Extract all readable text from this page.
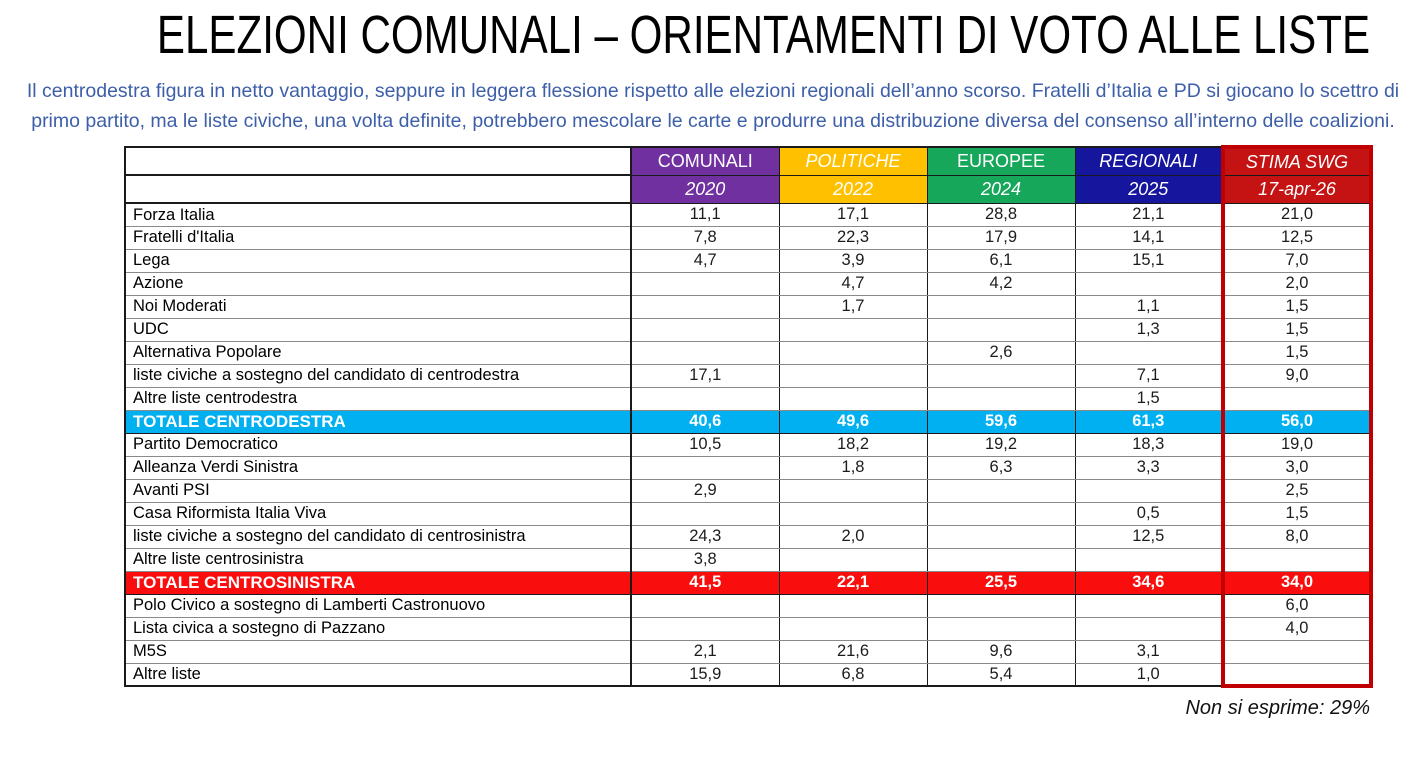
ELEZIONI COMUNALI – ORIENTAMENTI DI VOTO ALLE LISTE

Il centrodestra figura in netto vantaggio, seppure in leggera flessione rispetto alle elezioni regionali dell’anno scorso. Fratelli d’Italia e PD si giocano lo scettro di primo partito, ma le liste civiche, una volta definite, potrebbero mescolare le carte e produrre una distribuzione diversa del consenso all’interno delle coalizioni.

	COMUNALI	POLITICHE	EUROPEE	REGIONALI	STIMA SWG
	2020	2022	2024	2025	17-apr-26
Forza Italia	11,1	17,1	28,8	21,1	21,0
Fratelli d'Italia	7,8	22,3	17,9	14,1	12,5
Lega	4,7	3,9	6,1	15,1	7,0
Azione		4,7	4,2		2,0
Noi Moderati		1,7		1,1	1,5
UDC				1,3	1,5
Alternativa Popolare			2,6		1,5
liste civiche a sostegno del candidato di centrodestra	17,1			7,1	9,0
Altre liste centrodestra				1,5	
TOTALE CENTRODESTRA	40,6	49,6	59,6	61,3	56,0
Partito Democratico	10,5	18,2	19,2	18,3	19,0
Alleanza Verdi Sinistra		1,8	6,3	3,3	3,0
Avanti PSI	2,9				2,5
Casa Riformista Italia Viva				0,5	1,5
liste civiche a sostegno del candidato di centrosinistra	24,3	2,0		12,5	8,0
Altre liste centrosinistra	3,8				
TOTALE CENTROSINISTRA	41,5	22,1	25,5	34,6	34,0
Polo Civico a sostegno di Lamberti Castronuovo					6,0
Lista civica a sostegno di Pazzano					4,0
M5S	2,1	21,6	9,6	3,1	
Altre liste	15,9	6,8	5,4	1,0	
Non si esprime: 29%
